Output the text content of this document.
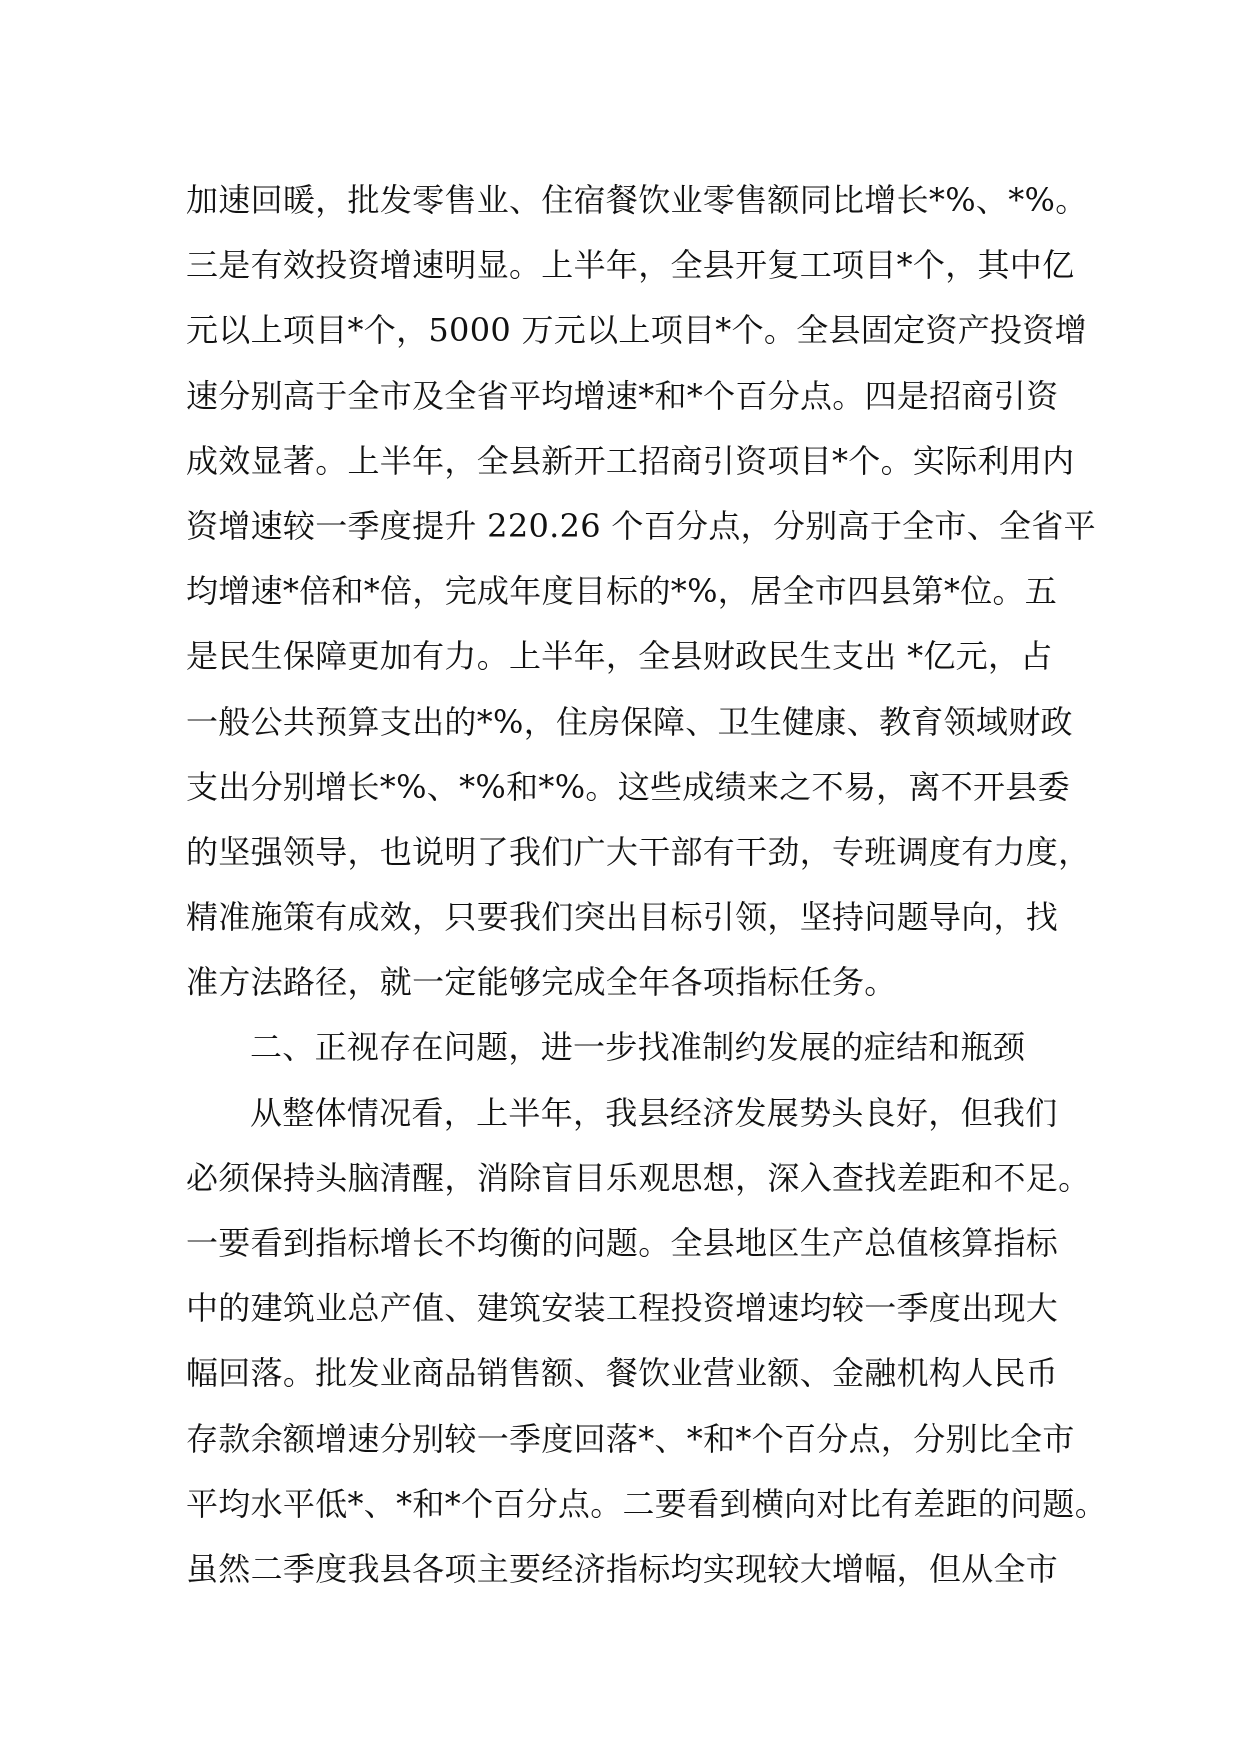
加速回暖，批发零售业、住宿餐饮业零售额同比增长*%、*%。
三是有效投资增速明显。上半年，全县开复工项目*个，其中亿
元以上项目*个，5000 万元以上项目*个。全县固定资产投资增
速分别高于全市及全省平均增速*和*个百分点。四是招商引资
成效显著。上半年，全县新开工招商引资项目*个。实际利用内
资增速较一季度提升 220.26 个百分点，分别高于全市、全省平
均增速*倍和*倍，完成年度目标的*%，居全市四县第*位。五
是民生保障更加有力。上半年，全县财政民生支出 *亿元，占
一般公共预算支出的*%，住房保障、卫生健康、教育领域财政
支出分别增长*%、*%和*%。这些成绩来之不易，离不开县委
的坚强领导，也说明了我们广大干部有干劲，专班调度有力度，
精准施策有成效，只要我们突出目标引领，坚持问题导向，找
准方法路径，就一定能够完成全年各项指标任务。
二、正视存在问题，进一步找准制约发展的症结和瓶颈
从整体情况看，上半年，我县经济发展势头良好，但我们
必须保持头脑清醒，消除盲目乐观思想，深入查找差距和不足。
一要看到指标增长不均衡的问题。全县地区生产总值核算指标
中的建筑业总产值、建筑安装工程投资增速均较一季度出现大
幅回落。批发业商品销售额、餐饮业营业额、金融机构人民币
存款余额增速分别较一季度回落*、*和*个百分点，分别比全市
平均水平低*、*和*个百分点。二要看到横向对比有差距的问题。
虽然二季度我县各项主要经济指标均实现较大增幅，但从全市
